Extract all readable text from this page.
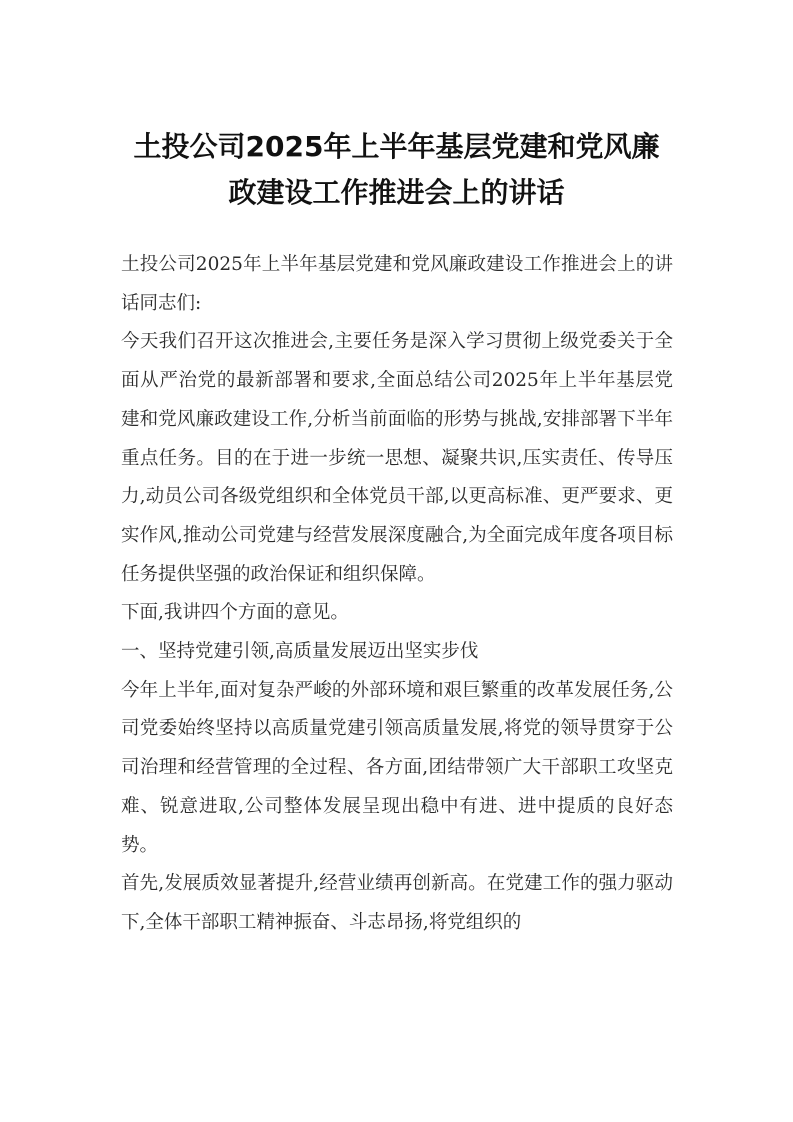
土投公司2025年上半年基层党建和党风廉
政建设工作推进会上的讲话

土投公司2025年上半年基层党建和党风廉政建设工作推进会上的讲话同志们:

今天我们召开这次推进会,主要任务是深入学习贯彻上级党委关于全面从严治党的最新部署和要求,全面总结公司2025年上半年基层党建和党风廉政建设工作,分析当前面临的形势与挑战,安排部署下半年重点任务。目的在于进一步统一思想、凝聚共识,压实责任、传导压力,动员公司各级党组织和全体党员干部,以更高标准、更严要求、更实作风,推动公司党建与经营发展深度融合,为全面完成年度各项目标任务提供坚强的政治保证和组织保障。

下面,我讲四个方面的意见。

一、坚持党建引领,高质量发展迈出坚实步伐

今年上半年,面对复杂严峻的外部环境和艰巨繁重的改革发展任务,公司党委始终坚持以高质量党建引领高质量发展,将党的领导贯穿于公司治理和经营管理的全过程、各方面,团结带领广大干部职工攻坚克难、锐意进取,公司整体发展呈现出稳中有进、进中提质的良好态势。

首先,发展质效显著提升,经营业绩再创新高。在党建工作的强力驱动下,全体干部职工精神振奋、斗志昂扬,将党组织的
